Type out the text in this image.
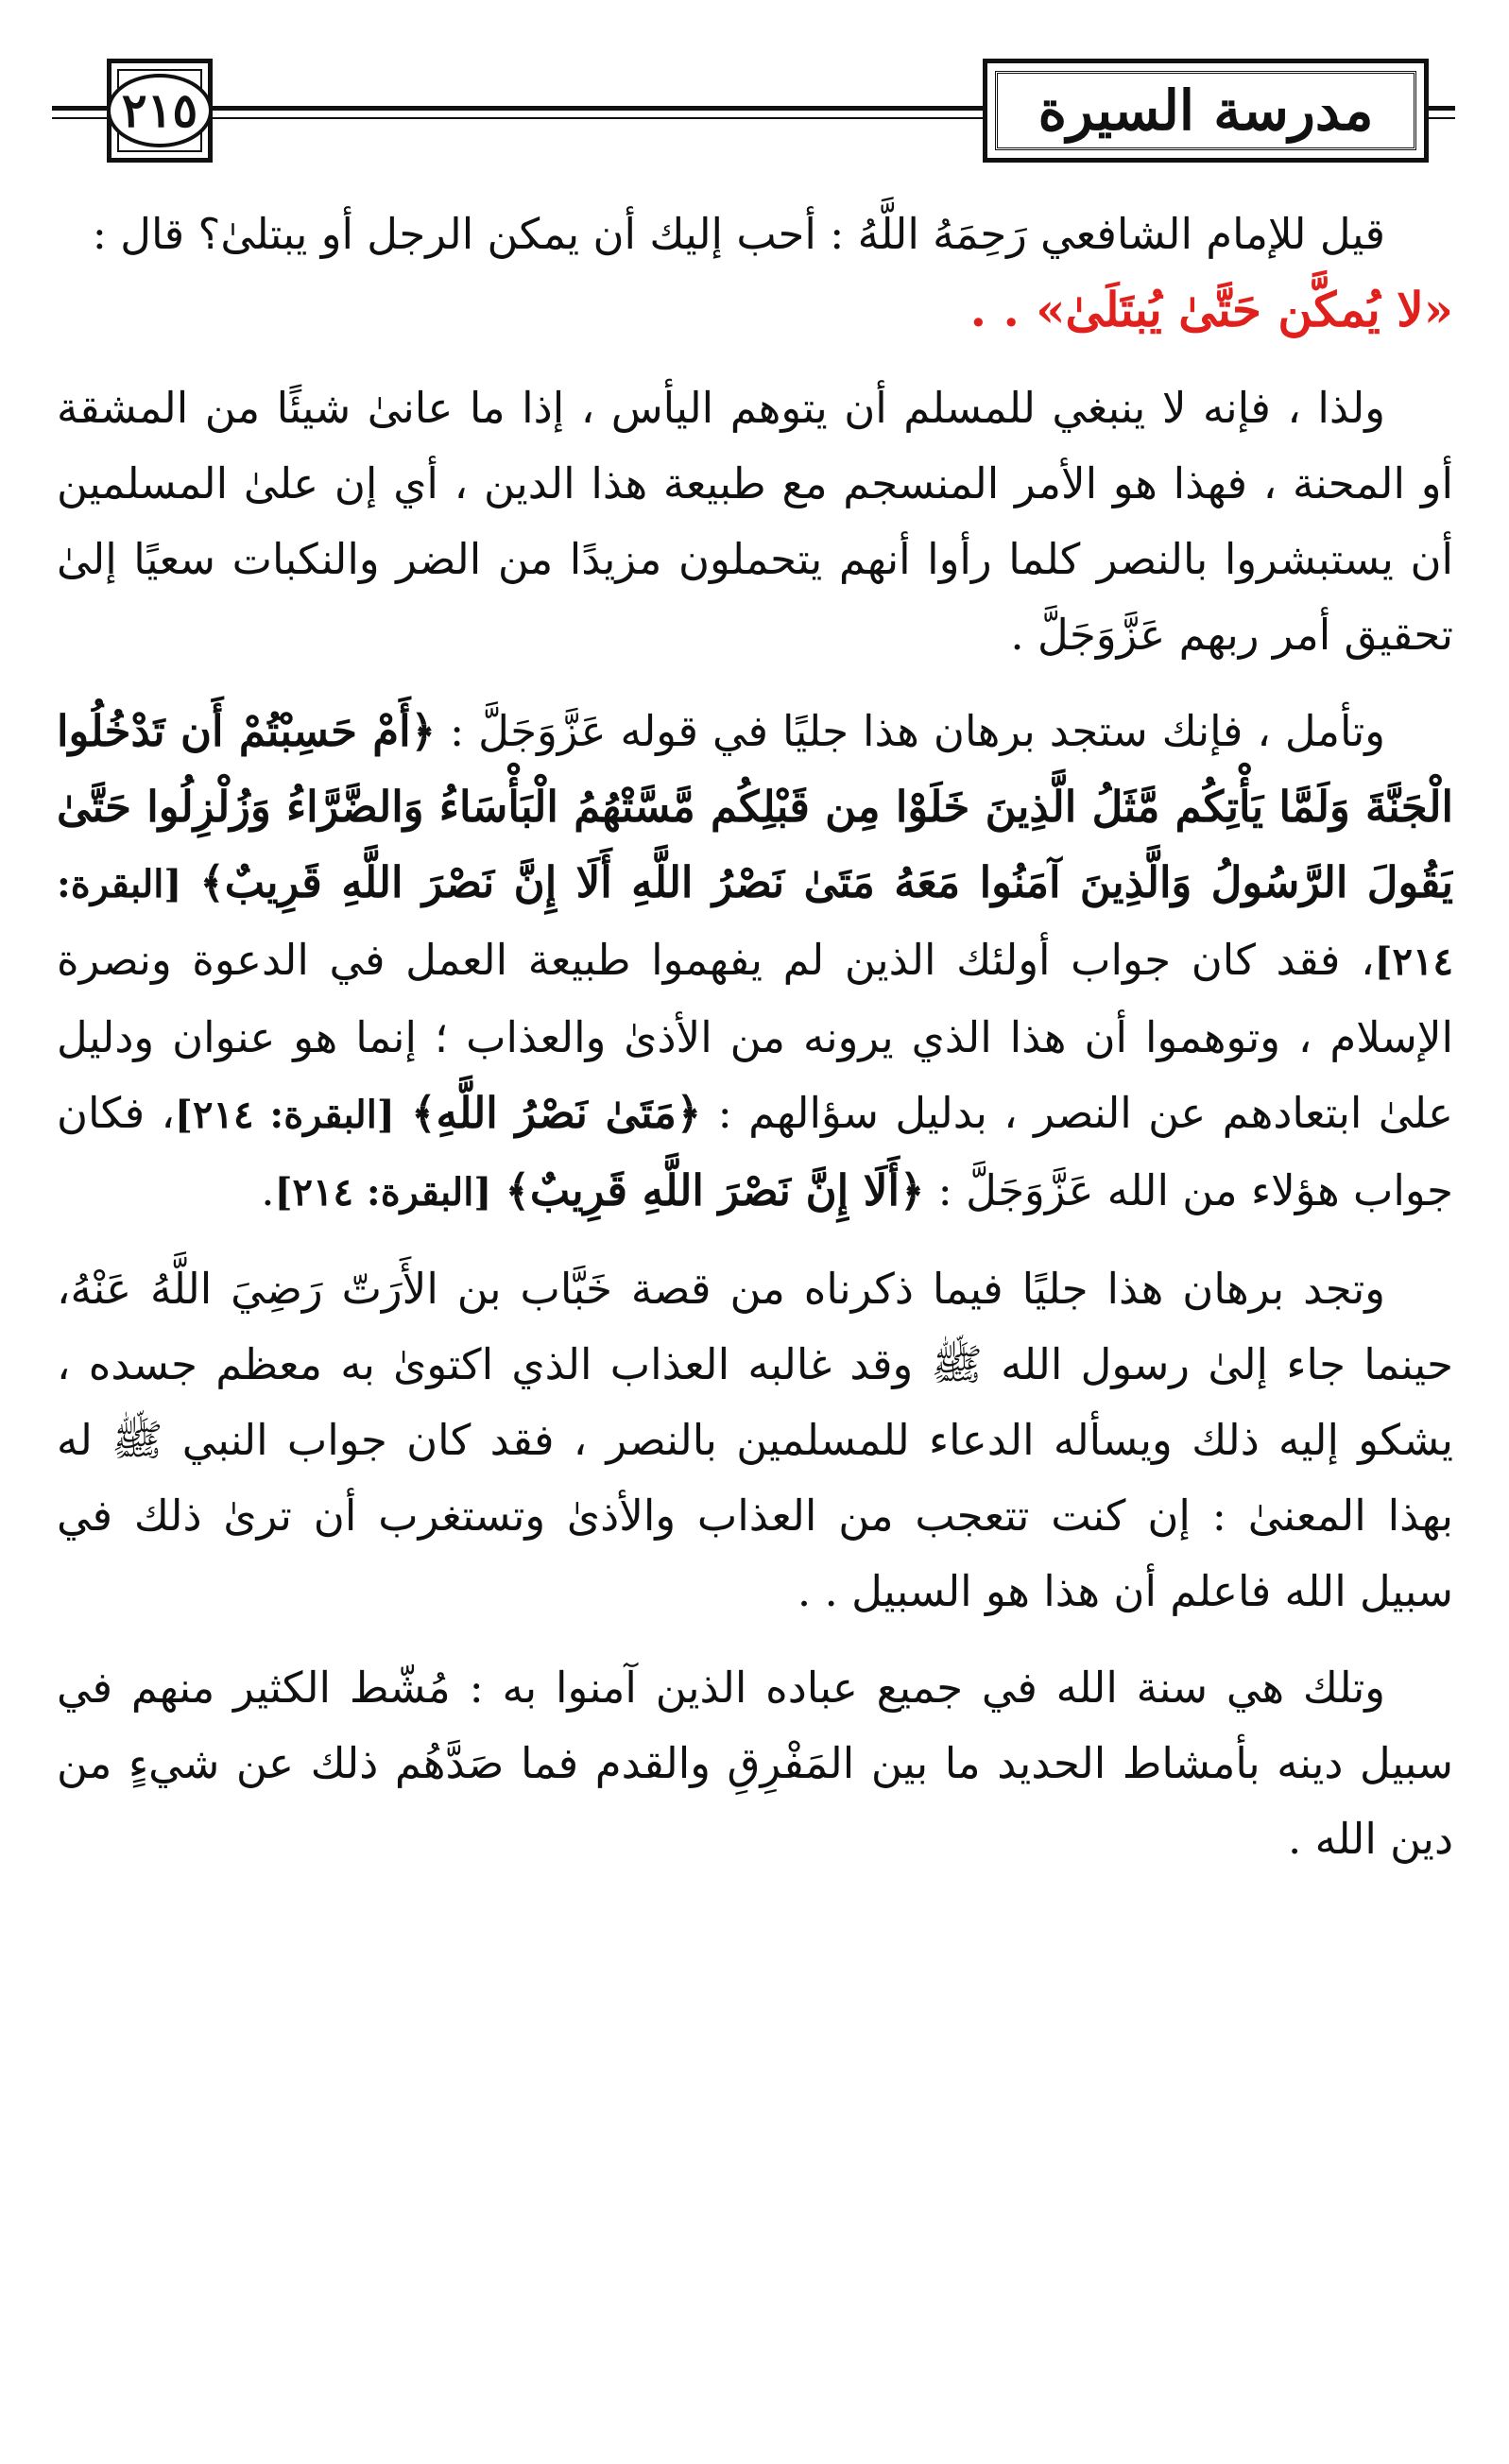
٢١٥	مدرسة السيرة

قيل للإمام الشافعي رَحِمَهُ اللَّهُ : أحب إليك أن يمكن الرجل أو يبتلىٰ؟ قال :
«لا يُمكَّن حَتَّىٰ يُبتَلَىٰ» . .

ولذا ، فإنه لا ينبغي للمسلم أن يتوهم اليأس ، إذا ما عانىٰ شيئًا من المشقة أو المحنة ، فهذا هو الأمر المنسجم مع طبيعة هذا الدين ، أي إن علىٰ المسلمين أن يستبشروا بالنصر كلما رأوا أنهم يتحملون مزيدًا من الضر والنكبات سعيًا إلىٰ تحقيق أمر ربهم عَزَّوَجَلَّ .

وتأمل ، فإنك ستجد برهان هذا جليًا في قوله عَزَّوَجَلَّ : ﴿أَمْ حَسِبْتُمْ أَن تَدْخُلُوا الْجَنَّةَ وَلَمَّا يَأْتِكُم مَّثَلُ الَّذِينَ خَلَوْا مِن قَبْلِكُم مَّسَّتْهُمُ الْبَأْسَاءُ وَالضَّرَّاءُ وَزُلْزِلُوا حَتَّىٰ يَقُولَ الرَّسُولُ وَالَّذِينَ آمَنُوا مَعَهُ مَتَىٰ نَصْرُ اللَّهِ أَلَا إِنَّ نَصْرَ اللَّهِ قَرِيبٌ﴾ [البقرة: ٢١٤]، فقد كان جواب أولئك الذين لم يفهموا طبيعة العمل في الدعوة ونصرة الإسلام ، وتوهموا أن هذا الذي يرونه من الأذىٰ والعذاب ؛ إنما هو عنوان ودليل علىٰ ابتعادهم عن النصر ، بدليل سؤالهم : ﴿مَتَىٰ نَصْرُ اللَّهِ﴾ [البقرة: ٢١٤]، فكان جواب هؤلاء من الله عَزَّوَجَلَّ : ﴿أَلَا إِنَّ نَصْرَ اللَّهِ قَرِيبٌ﴾ [البقرة: ٢١٤].

وتجد برهان هذا جليًا فيما ذكرناه من قصة خَبَّاب بن الأَرَتّ رَضِيَ اللَّهُ عَنْهُ، حينما جاء إلىٰ رسول الله ﷺ وقد غالبه العذاب الذي اكتوىٰ به معظم جسده ، يشكو إليه ذلك ويسأله الدعاء للمسلمين بالنصر ، فقد كان جواب النبي ﷺ له بهذا المعنىٰ : إن كنت تتعجب من العذاب والأذىٰ وتستغرب أن ترىٰ ذلك في سبيل الله فاعلم أن هذا هو السبيل . .

وتلك هي سنة الله في جميع عباده الذين آمنوا به : مُشّط الكثير منهم في سبيل دينه بأمشاط الحديد ما بين المَفْرِقِ والقدم فما صَدَّهُم ذلك عن شيءٍ من دين الله .
